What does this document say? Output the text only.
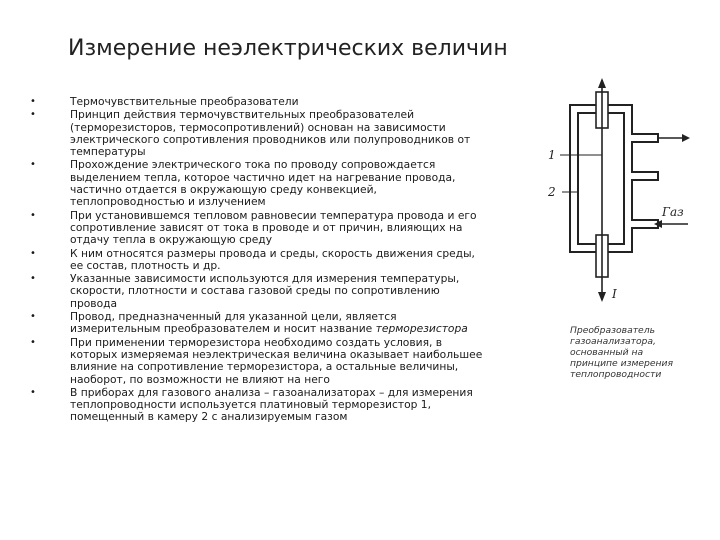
Измерение неэлектрических величин
• Термочувствительные преобразователи
• Принцип действия термочувствительных преобразователей
(терморезисторов, термосопротивлений) основан на зависимости
электрического сопротивления проводников или полупроводников от
температуры
• Прохождение электрического тока по проводу сопровождается
выделением тепла, которое частично идет на нагревание провода,
частично отдается в окружающую среду конвекцией,
теплопроводностью и излучением
• При установившемся тепловом равновесии температура провода и его
сопротивление зависят от тока в проводе и от причин, влияющих на
отдачу тепла в окружающую среду
• К ним относятся размеры провода и среды, скорость движения среды,
ее состав, плотность и др.
• Указанные зависимости используются для измерения температуры,
скорости, плотности и состава газовой среды по сопротивлению
провода
• Провод, предназначенный для указанной цели, является
измерительным преобразователем и носит название терморезистора
• При применении терморезистора необходимо создать условия, в
которых измеряемая неэлектрическая величина оказывает наибольшее
влияние на сопротивление терморезистора, а остальные величины,
наоборот, по возможности не влияют на него
• В приборах для газового анализа – газоанализаторах – для измерения
теплопроводности используется платиновый терморезистор 1,
помещенный в камеру 2 с анализируемым газом
1
2
Газ
I

Преобразователь
газоанализатора,
основанный на
принципе измерения
теплопроводности
